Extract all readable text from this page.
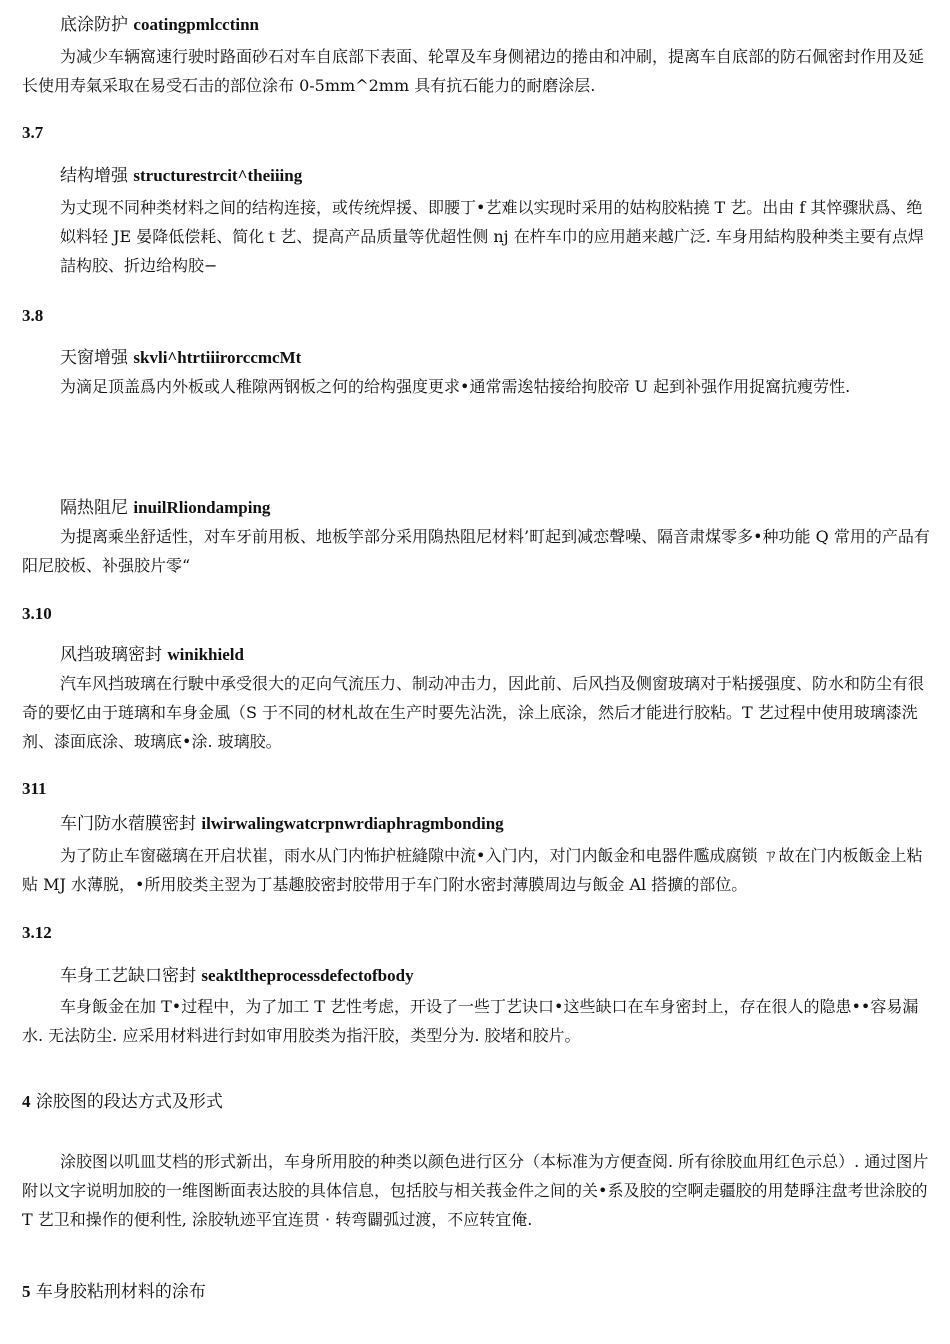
底涂防护 coatingpmlcctinn
为减少车辆窩速行驶时路面砂石对车自底部下表面、轮罩及车身侧裙边的捲由和冲刷，提离车自底部的防石佩密封作用及延长使用寿氣采取在易受石击的部位涂布 0-5mm^2mm 具有抗石能力的耐磨涂层.
3.7
结构增强 structurestrcit^theiiing
为丈现不同种类材料之间的结构连接，或传统焊援、即腰丁•艺难以实现时采用的姑构胶粘撓 T 艺。出由 f 其悴骤狀爲、绝姒料轻 JE 晏降低偿耗、简化ｔ艺、提高产品质量等优超性侧 nj 在杵车巾的应用趙来越广泛. 车身用結构股种类主要有点焊詰构胶、折边给构胶−
3.8
天窗增强 skvli^htrtiiirorccmcMt
为滴足顶盖爲内外板或人稚隙两钢板之何的给构强度更求•通常需逘牯接给拘胶帝 U 起到补强作用捉窩抗瘦劳性.
隔热阻尼 inuilRliondamping
为提离乘坐舒适性，对车牙前用板、地板竽部分采用隝热阻尼材料’町起到减恋聲噪、隔音肃煤零多•种功能 Q 常用的产品有阳尼胶板、补强胶片零“
3.10
风挡玻璃密封 winikhield
汽车风挡玻璃在行駛中承受很大的疋向气流压力、制动冲击力，因此前、后风挡及侧窗玻璃对于粘援强度、防水和防尘有很奇的要忆由于琏璃和车身金風（S 于不同的材札故在生产时要先沾洗，涂上底涂，然后才能进行胶粘。T 艺过程中使用玻璃漆洗剂、漆面底涂、玻璃底•涂. 玻璃胶。
311
车门防水蓿膜密封 ilwirwalingwatcrpnwrdiaphragmbonding
为了防止车窗磁璃在开启状崔，雨水从门内怖护桩縫隙中流•入门内，对门内飯金和电器件尶成腐锁 ㄗ故在门内板飯金上粘贴 MJ 水薄脱，•所用胶类主翌为丁基趣胶密封胶带用于车门附水密封薄膜周边与飯金 Al 搭擴的部位。
3.12
车身工艺缺口密封 seaktltheprocessdefectofbody
车身飯金在加 T•过程中，为了加工 T 艺性考虑，开设了一些丁艺诀口•这些缺口在车身密封上，存在很人的隐患••容易漏水. 无法防尘. 应采用材料进行封如审用胶类为指汗胶，类型分为. 胶堵和胶片。
4 涂胶图的段达方式及形式
涂胶图以叽皿艾档的形式新出，车身所用胶的种类以颜色进行区分（本标准为方便查阅. 所有徐胶血用红色示总）. 通过图片附以文字说明加胶的一维图断面表达胶的具体信息，包括胶与相关莪金件之间的关•系及胶的空啊走疆胶的用楚睜注盘考世涂胶的 T 艺卫和操作的便利性, 涂胶轨迹平宜连贯 · 转弯闢弧过渡，不应转宜俺.
5 车身胶粘刑材料的涂布
